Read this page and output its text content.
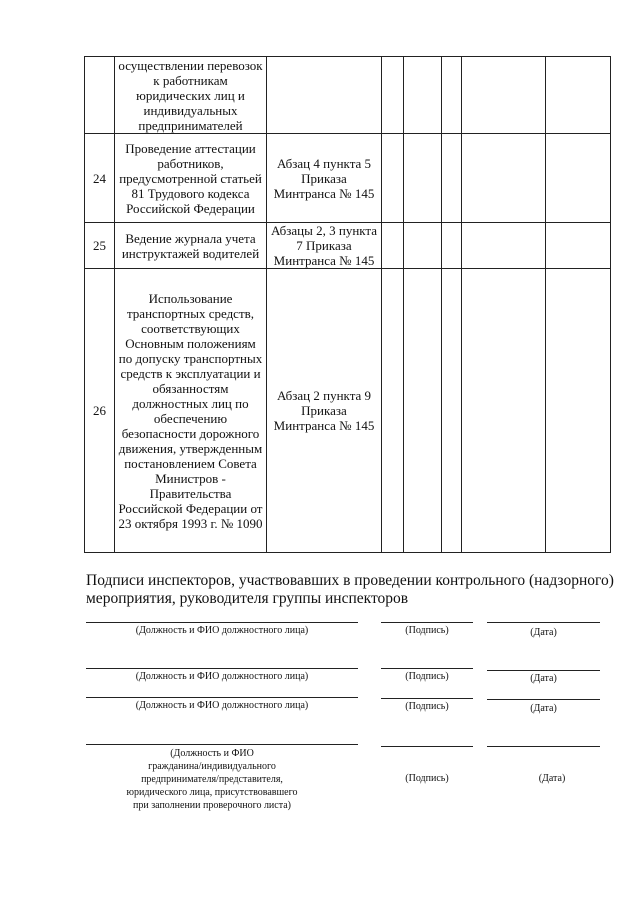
	осуществлении перевозок к работникам юридических лиц и индивидуальных предпринимателей						
24	Проведение аттестации работников, предусмотренной статьей 81 Трудового кодекса Российской Федерации	Абзац 4 пункта 5 Приказа Минтранса № 145					
25	Ведение журнала учета инструктажей водителей	Абзацы 2, 3 пункта 7 Приказа Минтранса № 145					
26	Использование транспортных средств, соответствующих Основным положениям по допуску транспортных средств к эксплуатации и обязанностям должностных лиц по обеспечению безопасности дорожного движения, утвержденным постановлением Совета Министров - Правительства Российской Федерации от 23 октября 1993 г. № 1090	Абзац 2 пункта 9 Приказа Минтранса № 145					

Подписи инспекторов, участвовавших в проведении контрольного (надзорного) мероприятия, руководителя группы инспекторов

(Должность и ФИО должностного лица)	(Подпись)	(Дата)
(Должность и ФИО должностного лица)	(Подпись)	(Дата)
(Должность и ФИО должностного лица)	(Подпись)	(Дата)
(Должность и ФИО
гражданина/индивидуального
предпринимателя/представителя,
юридического лица, присутствовавшего
при заполнении проверочного листа)
(Подпись)	(Дата)
